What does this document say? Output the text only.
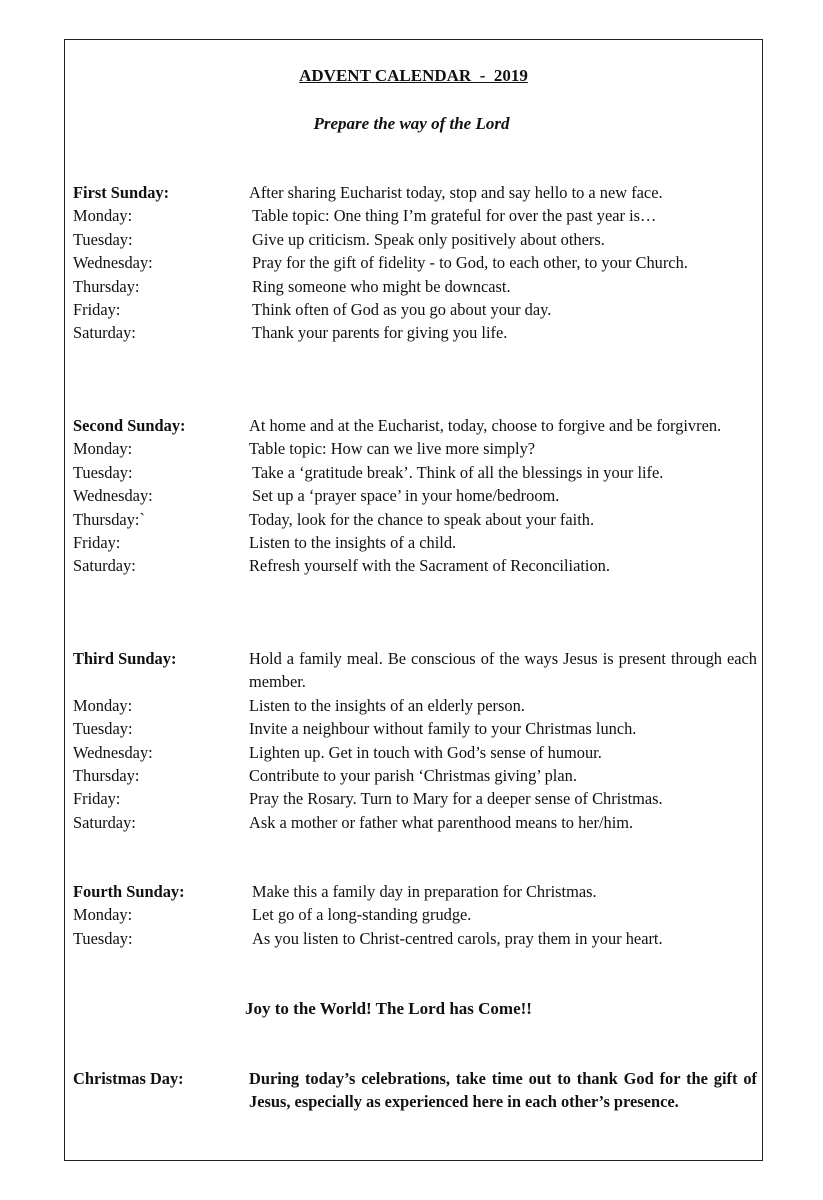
ADVENT CALENDAR  -  2019
Prepare the way of the Lord
First Sunday:	After sharing Eucharist today, stop and say hello to a new face.
Monday:	Table topic: One thing I’m grateful for over the past year is…
Tuesday:	Give up criticism. Speak only positively about others.
Wednesday:	Pray for the gift of fidelity - to God, to each other, to your Church.
Thursday:	Ring someone who might be downcast.
Friday:	Think often of God as you go about your day.
Saturday:	Thank your parents for giving you life.
Second Sunday:	At home and at the Eucharist, today, choose to forgive and be forgivren.
Monday:	Table topic: How can we live more simply?
Tuesday:	Take a ‘gratitude break’. Think of all the blessings in your life.
Wednesday:	Set up a ‘prayer space’ in your home/bedroom.
Thursday:`	Today, look for the chance to speak about your faith.
Friday:	Listen to the insights of a child.
Saturday:	Refresh yourself with the Sacrament of Reconciliation.
Third Sunday:	Hold a family meal. Be conscious of the ways Jesus is present through each member.
Monday:	Listen to the insights of an elderly person.
Tuesday:	Invite a neighbour without family to your Christmas lunch.
Wednesday:	Lighten up. Get in touch with God’s sense of humour.
Thursday:	Contribute to your parish ‘Christmas giving’ plan.
Friday:	Pray the Rosary. Turn to Mary for a deeper sense of Christmas.
Saturday:	Ask a mother or father what parenthood means to her/him.
Fourth Sunday:	Make this a family day in preparation for Christmas.
Monday:	Let go of a long-standing grudge.
Tuesday:	As you listen to Christ-centred carols, pray them in your heart.
Joy to the World! The Lord has Come!!
Christmas Day:	During today’s celebrations, take time out to thank God for the gift of Jesus, especially as experienced here in each other’s presence.
